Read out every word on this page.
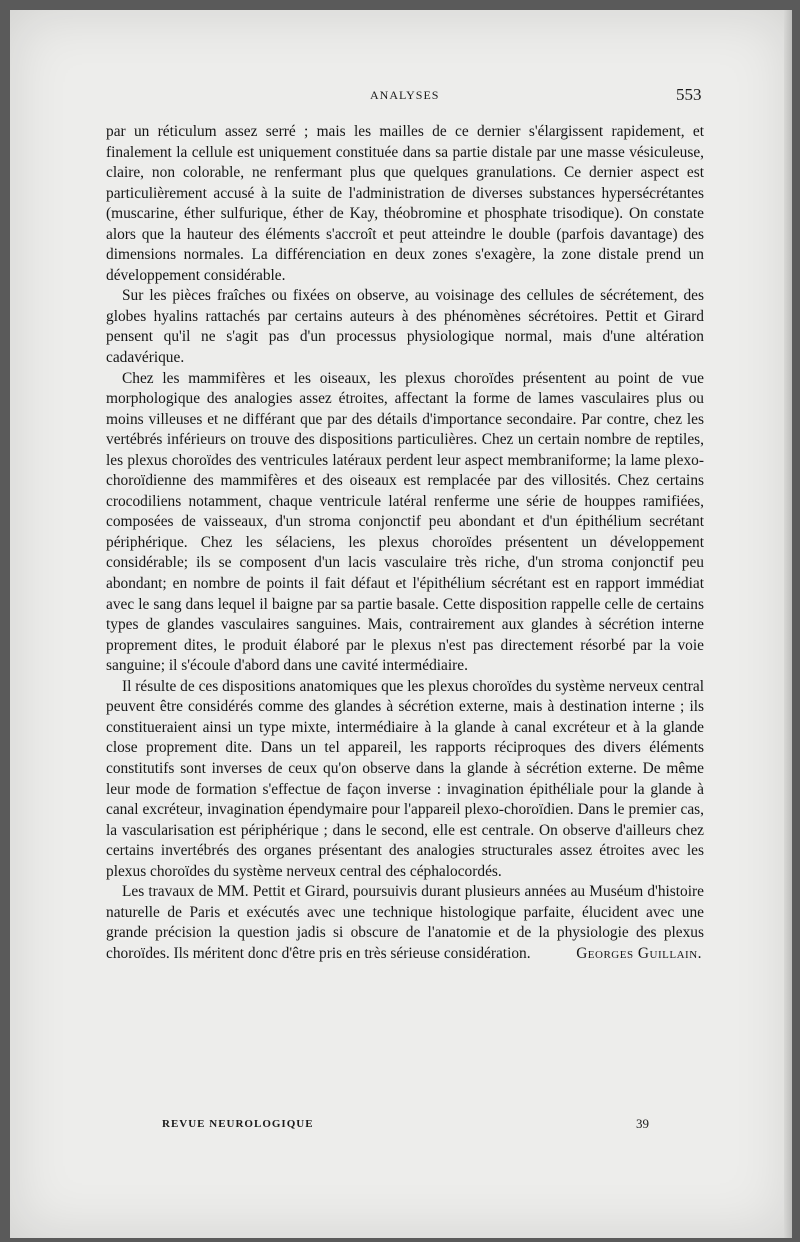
ANALYSES	553

par un réticulum assez serré ; mais les mailles de ce dernier s'élargissent rapidement, et finalement la cellule est uniquement constituée dans sa partie distale par une masse vésiculeuse, claire, non colorable, ne renfermant plus que quelques granulations. Ce dernier aspect est particulièrement accusé à la suite de l'administration de diverses substances hypersécrétantes (muscarine, éther sulfurique, éther de Kay, théobromine et phosphate trisodique). On constate alors que la hauteur des éléments s'accroît et peut atteindre le double (parfois davantage) des dimensions normales. La différenciation en deux zones s'exagère, la zone distale prend un développement considérable.

Sur les pièces fraîches ou fixées on observe, au voisinage des cellules de sécrétement, des globes hyalins rattachés par certains auteurs à des phénomènes sécrétoires. Pettit et Girard pensent qu'il ne s'agit pas d'un processus physiologique normal, mais d'une altération cadavérique.

Chez les mammifères et les oiseaux, les plexus choroïdes présentent au point de vue morphologique des analogies assez étroites, affectant la forme de lames vasculaires plus ou moins villeuses et ne différant que par des détails d'importance secondaire. Par contre, chez les vertébrés inférieurs on trouve des dispositions particulières. Chez un certain nombre de reptiles, les plexus choroïdes des ventricules latéraux perdent leur aspect membraniforme; la lame plexo-choroïdienne des mammifères et des oiseaux est remplacée par des villosités. Chez certains crocodiliens notamment, chaque ventricule latéral renferme une série de houppes ramifiées, composées de vaisseaux, d'un stroma conjonctif peu abondant et d'un épithélium secrétant périphérique. Chez les sélaciens, les plexus choroïdes présentent un développement considérable; ils se composent d'un lacis vasculaire très riche, d'un stroma conjonctif peu abondant; en nombre de points il fait défaut et l'épithélium sécrétant est en rapport immédiat avec le sang dans lequel il baigne par sa partie basale. Cette disposition rappelle celle de certains types de glandes vasculaires sanguines. Mais, contrairement aux glandes à sécrétion interne proprement dites, le produit élaboré par le plexus n'est pas directement résorbé par la voie sanguine; il s'écoule d'abord dans une cavité intermédiaire.

Il résulte de ces dispositions anatomiques que les plexus choroïdes du système nerveux central peuvent être considérés comme des glandes à sécrétion externe, mais à destination interne ; ils constitueraient ainsi un type mixte, intermédiaire à la glande à canal excréteur et à la glande close proprement dite. Dans un tel appareil, les rapports réciproques des divers éléments constitutifs sont inverses de ceux qu'on observe dans la glande à sécrétion externe. De même leur mode de formation s'effectue de façon inverse : invagination épithéliale pour la glande à canal excréteur, invagination épendymaire pour l'appareil plexo-choroïdien. Dans le premier cas, la vascularisation est périphérique ; dans le second, elle est centrale. On observe d'ailleurs chez certains invertébrés des organes présentant des analogies structurales assez étroites avec les plexus choroïdes du système nerveux central des céphalocordés.

Les travaux de MM. Pettit et Girard, poursuivis durant plusieurs années au Muséum d'histoire naturelle de Paris et exécutés avec une technique histologique parfaite, élucident avec une grande précision la question jadis si obscure de l'anatomie et de la physiologie des plexus choroïdes. Ils méritent donc d'être pris en très sérieuse considération.	Georges Guillain.

REVUE NEUROLOGIQUE	39
